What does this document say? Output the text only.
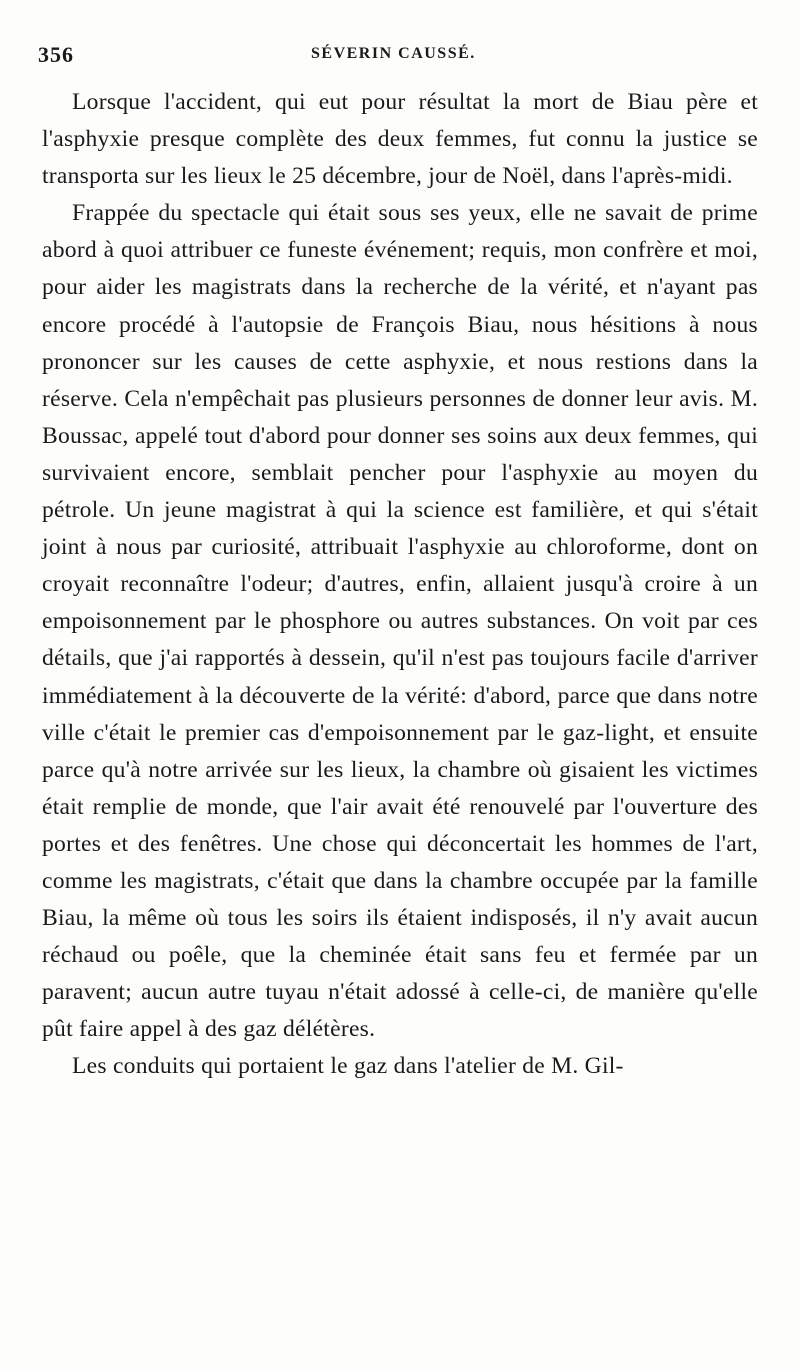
356	SÉVERIN CAUSSÉ.

Lorsque l'accident, qui eut pour résultat la mort de Biau père et l'asphyxie presque complète des deux femmes, fut connu la justice se transporta sur les lieux le 25 décembre, jour de Noël, dans l'après-midi.

Frappée du spectacle qui était sous ses yeux, elle ne savait de prime abord à quoi attribuer ce funeste événement; requis, mon confrère et moi, pour aider les magistrats dans la recherche de la vérité, et n'ayant pas encore procédé à l'autopsie de François Biau, nous hésitions à nous prononcer sur les causes de cette asphyxie, et nous restions dans la réserve. Cela n'empêchait pas plusieurs personnes de donner leur avis. M. Boussac, appelé tout d'abord pour donner ses soins aux deux femmes, qui survivaient encore, semblait pencher pour l'asphyxie au moyen du pétrole. Un jeune magistrat à qui la science est familière, et qui s'était joint à nous par curiosité, attribuait l'asphyxie au chloroforme, dont on croyait reconnaître l'odeur; d'autres, enfin, allaient jusqu'à croire à un empoisonnement par le phosphore ou autres substances. On voit par ces détails, que j'ai rapportés à dessein, qu'il n'est pas toujours facile d'arriver immédiatement à la découverte de la vérité: d'abord, parce que dans notre ville c'était le premier cas d'empoisonnement par le gaz-light, et ensuite parce qu'à notre arrivée sur les lieux, la chambre où gisaient les victimes était remplie de monde, que l'air avait été renouvelé par l'ouverture des portes et des fenêtres. Une chose qui déconcertait les hommes de l'art, comme les magistrats, c'était que dans la chambre occupée par la famille Biau, la même où tous les soirs ils étaient indisposés, il n'y avait aucun réchaud ou poêle, que la cheminée était sans feu et fermée par un paravent; aucun autre tuyau n'était adossé à celle-ci, de manière qu'elle pût faire appel à des gaz délétères.

Les conduits qui portaient le gaz dans l'atelier de M. Gil-
